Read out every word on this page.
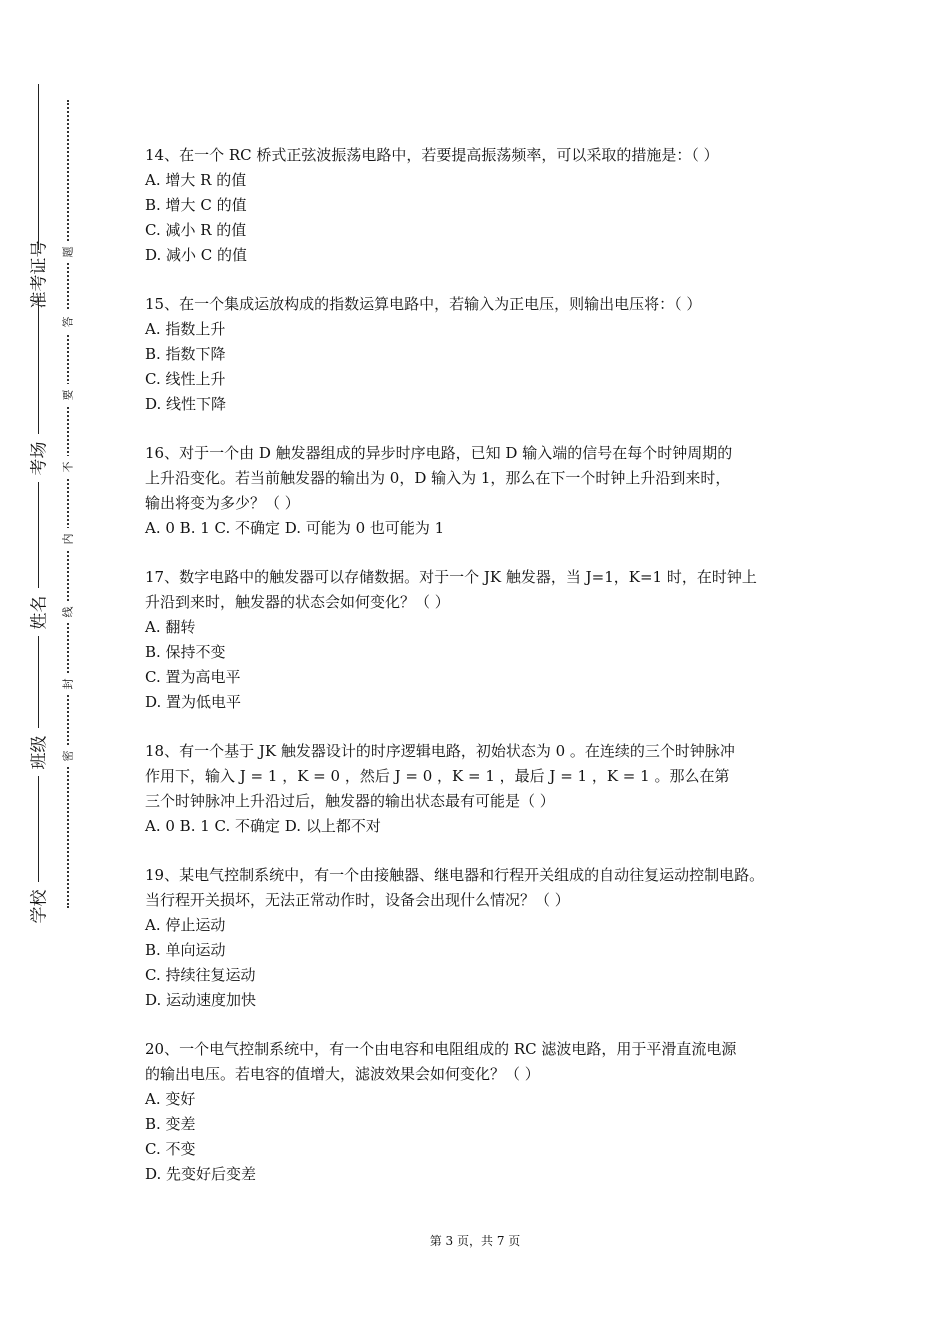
准考证号
考场
姓名
班级
学校
题
答
要
不
内
线
封
密
14、在一个 RC 桥式正弦波振荡电路中，若要提高振荡频率，可以采取的措施是：（ ）
A. 增大 R 的值
B. 增大 C 的值
C. 减小 R 的值
D. 减小 C 的值
15、在一个集成运放构成的指数运算电路中，若输入为正电压，则输出电压将：（ ）
A. 指数上升
B. 指数下降
C. 线性上升
D. 线性下降
16、对于一个由 D 触发器组成的异步时序电路，已知 D 输入端的信号在每个时钟周期的
上升沿变化。若当前触发器的输出为 0，D 输入为 1，那么在下一个时钟上升沿到来时，
输出将变为多少？（ ）
A. 0 B. 1 C. 不确定 D. 可能为 0 也可能为 1
17、数字电路中的触发器可以存储数据。对于一个 JK 触发器，当 J=1，K=1 时，在时钟上
升沿到来时，触发器的状态会如何变化？（ ）
A. 翻转
B. 保持不变
C. 置为高电平
D. 置为低电平
18、有一个基于 JK 触发器设计的时序逻辑电路，初始状态为 0 。在连续的三个时钟脉冲
作用下，输入 J = 1 ，K = 0 ，然后 J = 0 ，K = 1 ，最后 J = 1 ，K = 1 。那么在第
三个时钟脉冲上升沿过后，触发器的输出状态最有可能是（ ）
A. 0 B. 1 C. 不确定 D. 以上都不对
19、某电气控制系统中，有一个由接触器、继电器和行程开关组成的自动往复运动控制电路。
当行程开关损坏，无法正常动作时，设备会出现什么情况？（ ）
A. 停止运动
B. 单向运动
C. 持续往复运动
D. 运动速度加快
20、一个电气控制系统中，有一个由电容和电阻组成的 RC 滤波电路，用于平滑直流电源
的输出电压。若电容的值增大，滤波效果会如何变化？（ ）
A. 变好
B. 变差
C. 不变
D. 先变好后变差
第 3 页，共 7 页
